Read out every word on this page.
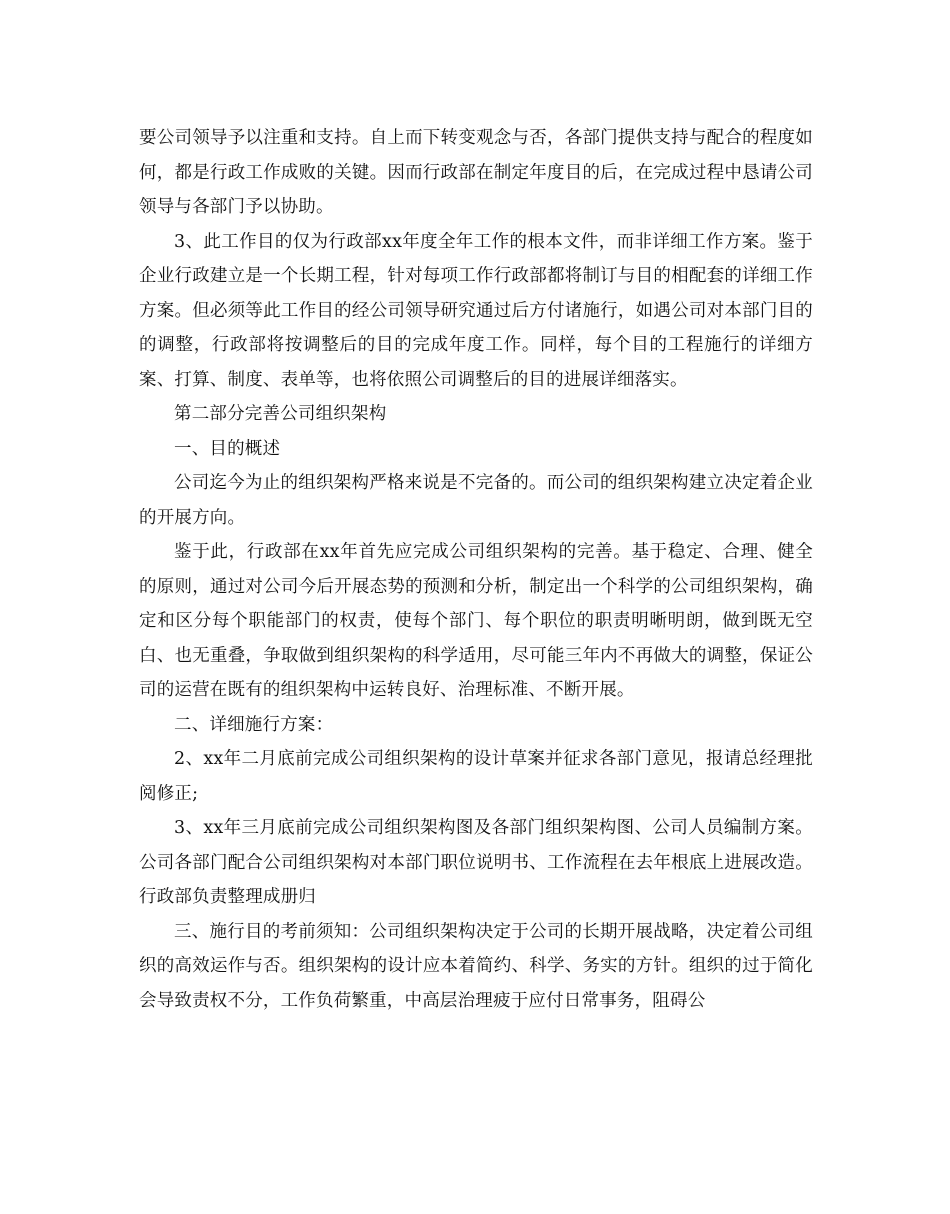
要公司领导予以注重和支持。自上而下转变观念与否，各部门提供支持与配合的程度如何，都是行政工作成败的关键。因而行政部在制定年度目的后，在完成过程中恳请公司领导与各部门予以协助。

3、此工作目的仅为行政部xx年度全年工作的根本文件，而非详细工作方案。鉴于企业行政建立是一个长期工程，针对每项工作行政部都将制订与目的相配套的详细工作方案。但必须等此工作目的经公司领导研究通过后方付诸施行，如遇公司对本部门目的的调整，行政部将按调整后的目的完成年度工作。同样，每个目的工程施行的详细方案、打算、制度、表单等，也将依照公司调整后的目的进展详细落实。

第二部分完善公司组织架构

一、目的概述

公司迄今为止的组织架构严格来说是不完备的。而公司的组织架构建立决定着企业的开展方向。

鉴于此，行政部在xx年首先应完成公司组织架构的完善。基于稳定、合理、健全的原则，通过对公司今后开展态势的预测和分析，制定出一个科学的公司组织架构，确定和区分每个职能部门的权责，使每个部门、每个职位的职责明晰明朗，做到既无空白、也无重叠，争取做到组织架构的科学适用，尽可能三年内不再做大的调整，保证公司的运营在既有的组织架构中运转良好、治理标准、不断开展。

二、详细施行方案：

2、xx年二月底前完成公司组织架构的设计草案并征求各部门意见，报请总经理批阅修正;

3、xx年三月底前完成公司组织架构图及各部门组织架构图、公司人员编制方案。公司各部门配合公司组织架构对本部门职位说明书、工作流程在去年根底上进展改造。行政部负责整理成册归

三、施行目的考前须知：公司组织架构决定于公司的长期开展战略，决定着公司组织的高效运作与否。组织架构的设计应本着简约、科学、务实的方针。组织的过于简化会导致责权不分，工作负荷繁重，中高层治理疲于应付日常事务，阻碍公
